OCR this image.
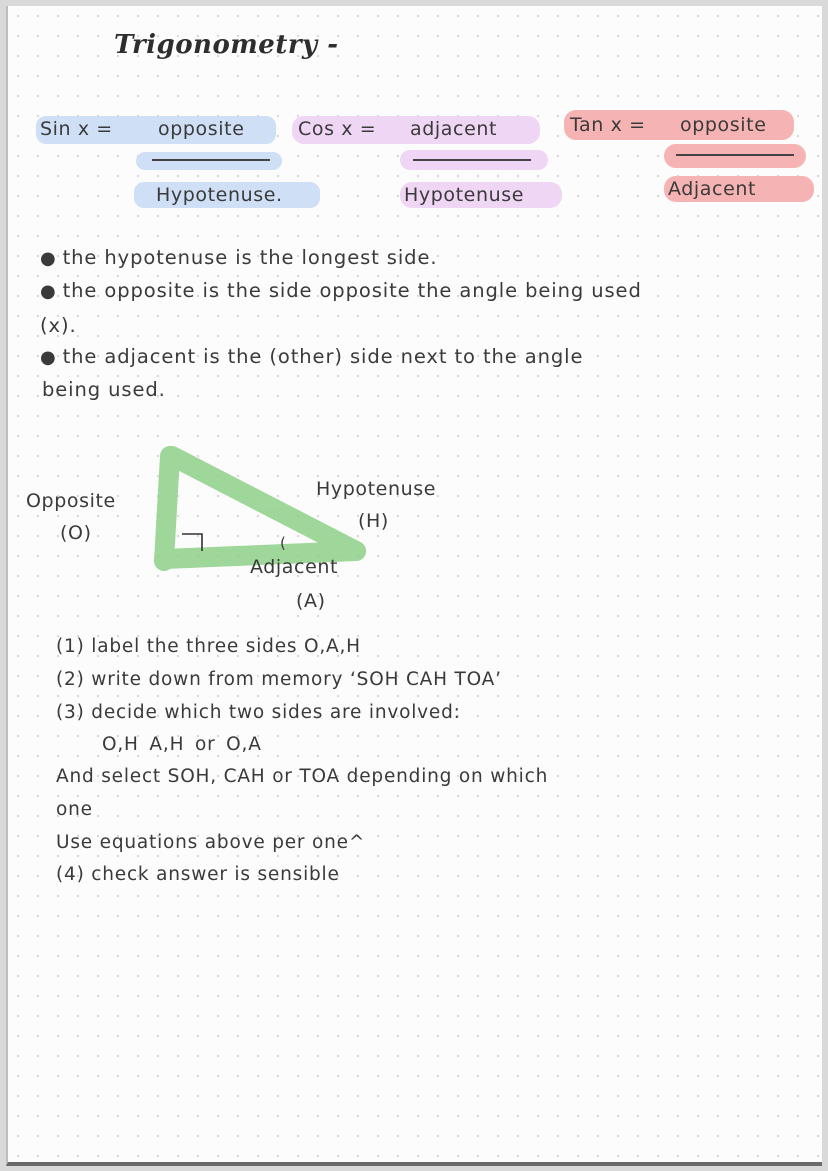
Trigonometry -
Sin x = opposite
Hypotenuse.
Cos x = adjacent
Hypotenuse
Tan x = opposite
Adjacent
● the hypotenuse is the longest side.
● the opposite is the side opposite the angle being used
(x).
● the adjacent is the (other) side next to the angle
being used.
Opposite
(O)
Hypotenuse
(H)
(
Adjacent
(A)
(1) label the three sides O,A,H
(2) write down from memory ‘SOH CAH TOA’
(3) decide which two sides are involved:
O,H A,H or O,A
And select SOH, CAH or TOA depending on which
one
Use equations above per one^
(4) check answer is sensible
